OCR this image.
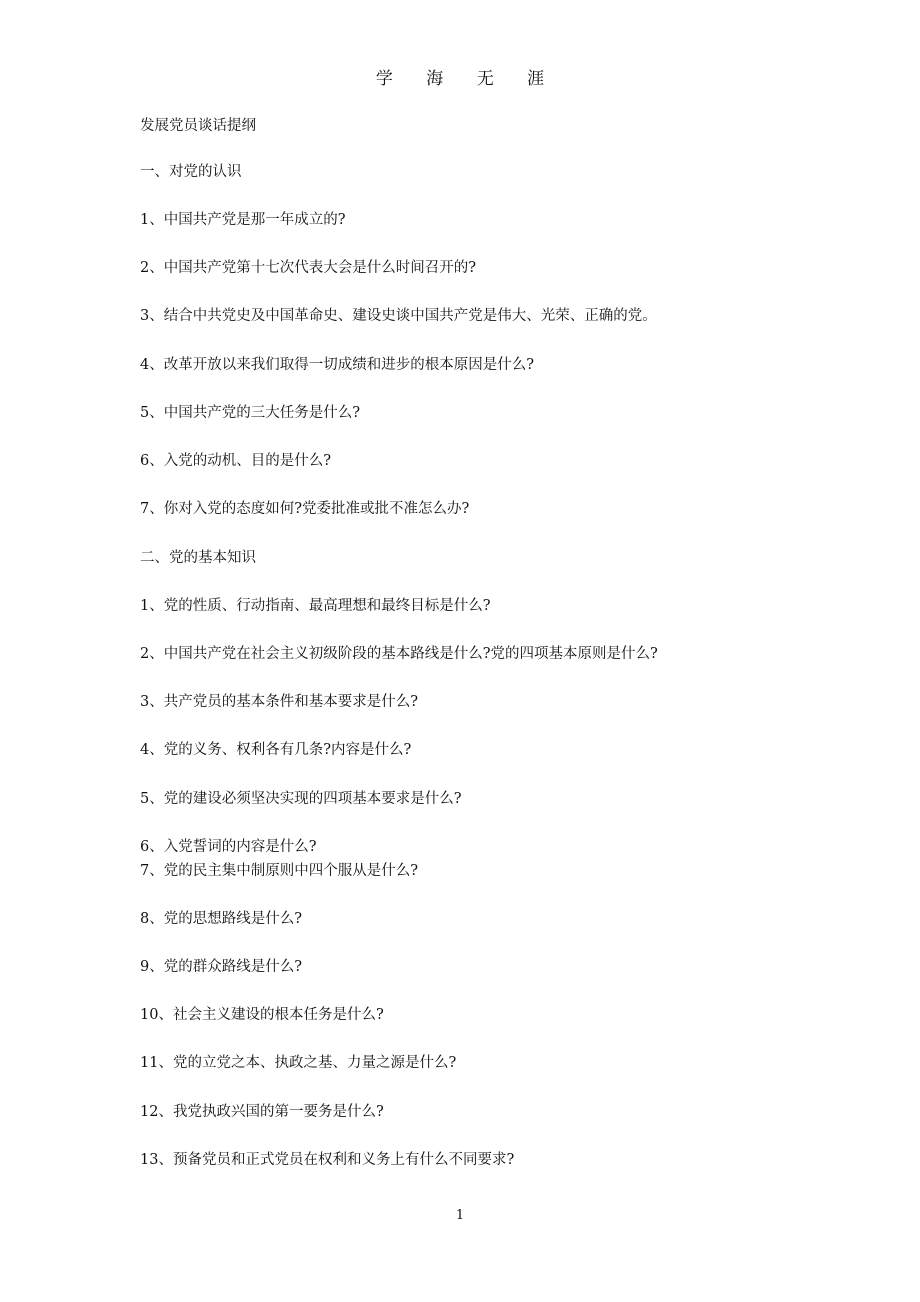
学 海 无 涯
发展党员谈话提纲
一、对党的认识
1、中国共产党是那一年成立的?
2、中国共产党第十七次代表大会是什么时间召开的?
3、结合中共党史及中国革命史、建设史谈中国共产党是伟大、光荣、正确的党。
4、改革开放以来我们取得一切成绩和进步的根本原因是什么?
5、中国共产党的三大任务是什么?
6、入党的动机、目的是什么?
7、你对入党的态度如何?党委批准或批不准怎么办?
二、党的基本知识
1、党的性质、行动指南、最高理想和最终目标是什么?
2、中国共产党在社会主义初级阶段的基本路线是什么?党的四项基本原则是什么?
3、共产党员的基本条件和基本要求是什么?
4、党的义务、权利各有几条?内容是什么?
5、党的建设必须坚决实现的四项基本要求是什么?
6、入党誓词的内容是什么?
7、党的民主集中制原则中四个服从是什么?
8、党的思想路线是什么?
9、党的群众路线是什么?
10、社会主义建设的根本任务是什么?
11、党的立党之本、执政之基、力量之源是什么?
12、我党执政兴国的第一要务是什么?
13、预备党员和正式党员在权利和义务上有什么不同要求?
1
